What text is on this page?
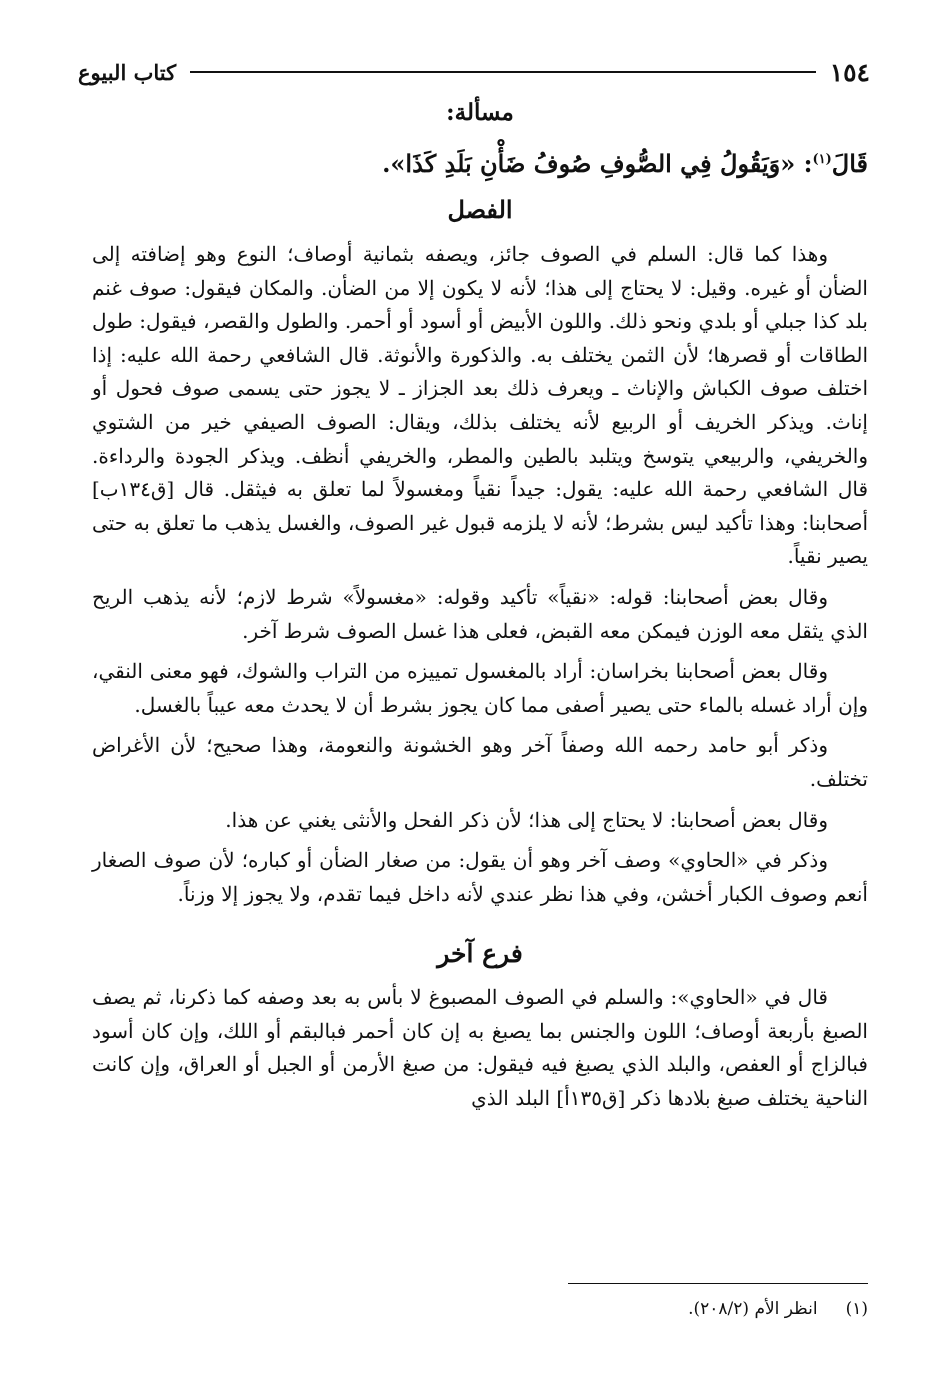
١٥٤
كتاب البيوع
مسألة:
قَالَ$^{(١)}$: «وَيَقُولُ فِي الصُّوفِ صُوفُ ضَأْنِ بَلَدِ كَذَا».
الفصل

وهذا كما قال: السلم في الصوف جائز، ويصفه بثمانية أوصاف؛ النوع وهو إضافته إلى الضأن أو غيره. وقيل: لا يحتاج إلى هذا؛ لأنه لا يكون إلا من الضأن. والمكان فيقول: صوف غنم بلد كذا جبلي أو بلدي ونحو ذلك. واللون الأبيض أو أسود أو أحمر. والطول والقصر، فيقول: طول الطاقات أو قصرها؛ لأن الثمن يختلف به. والذكورة والأنوثة. قال الشافعي رحمة الله عليه: إذا اختلف صوف الكباش والإناث ـ ويعرف ذلك بعد الجزاز ـ لا يجوز حتى يسمى صوف فحول أو إناث. ويذكر الخريف أو الربيع لأنه يختلف بذلك، ويقال: الصوف الصيفي خير من الشتوي والخريفي، والربيعي يتوسخ ويتلبد بالطين والمطر، والخريفي أنظف. ويذكر الجودة والرداءة. قال الشافعي رحمة الله عليه: يقول: جيداً نقياً ومغسولاً لما تعلق به فيثقل. قال [ق١٣٤ب] أصحابنا: وهذا تأكيد ليس بشرط؛ لأنه لا يلزمه قبول غير الصوف، والغسل يذهب ما تعلق به حتى يصير نقياً.

وقال بعض أصحابنا: قوله: «نقياً» تأكيد وقوله: «مغسولاً» شرط لازم؛ لأنه يذهب الريح الذي يثقل معه الوزن فيمكن معه القبض، فعلى هذا غسل الصوف شرط آخر.

وقال بعض أصحابنا بخراسان: أراد بالمغسول تمييزه من التراب والشوك، فهو معنى النقي، وإن أراد غسله بالماء حتى يصير أصفى مما كان يجوز بشرط أن لا يحدث معه عيباً بالغسل.

وذكر أبو حامد رحمه الله وصفاً آخر وهو الخشونة والنعومة، وهذا صحيح؛ لأن الأغراض تختلف.

وقال بعض أصحابنا: لا يحتاج إلى هذا؛ لأن ذكر الفحل والأنثى يغني عن هذا.

وذكر في «الحاوي» وصف آخر وهو أن يقول: من صغار الضأن أو كباره؛ لأن صوف الصغار أنعم وصوف الكبار أخشن، وفي هذا نظر عندي لأنه داخل فيما تقدم، ولا يجوز إلا وزناً.

فرع آخر

قال في «الحاوي»: والسلم في الصوف المصبوغ لا بأس به بعد وصفه كما ذكرنا، ثم يصف الصبغ بأربعة أوصاف؛ اللون والجنس بما يصبغ به إن كان أحمر فبالبقم أو اللك، وإن كان أسود فبالزاج أو العفص، والبلد الذي يصبغ فيه فيقول: من صبغ الأرمن أو الجبل أو العراق، وإن كانت الناحية يختلف صبغ بلادها ذكر [ق١٣٥أ] البلد الذي

(١)انظر الأم (٢٠٨/٢).
